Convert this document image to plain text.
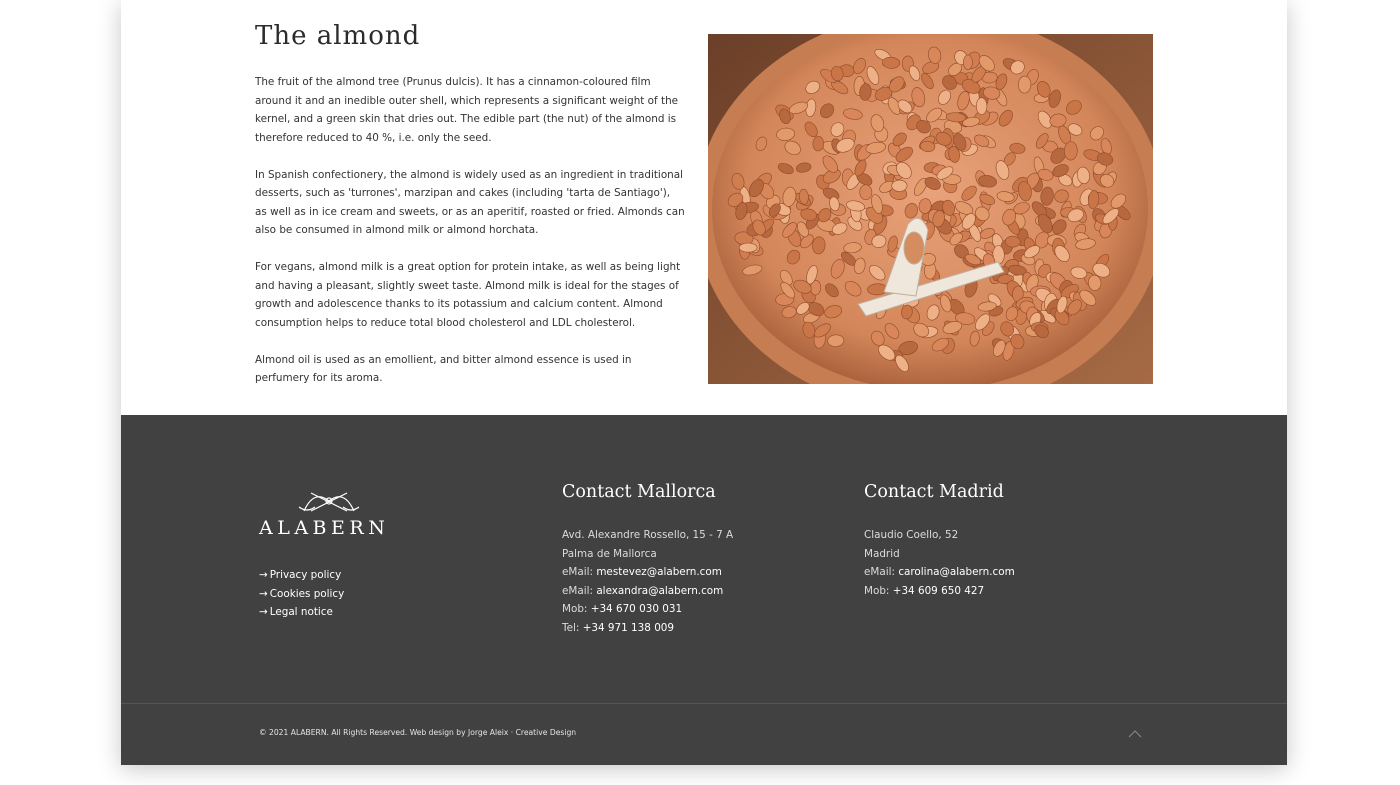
The almond

The fruit of the almond tree (Prunus dulcis). It has a cinnamon-coloured film around it and an inedible outer shell, which represents a significant weight of the kernel, and a green skin that dries out. The edible part (the nut) of the almond is therefore reduced to 40 %, i.e. only the seed.

In Spanish confectionery, the almond is widely used as an ingredient in traditional desserts, such as 'turrones', marzipan and cakes (including 'tarta de Santiago'), as well as in ice cream and sweets, or as an aperitif, roasted or fried. Almonds can also be consumed in almond milk or almond horchata.

For vegans, almond milk is a great option for protein intake, as well as being light and having a pleasant, slightly sweet taste. Almond milk is ideal for the stages of growth and adolescence thanks to its potassium and calcium content. Almond consumption helps to reduce total blood cholesterol and LDL cholesterol.

Almond oil is used as an emollient, and bitter almond essence is used in perfumery for its aroma.

ALABERN
→ Privacy policy
→ Cookies policy
→ Legal notice
Contact Mallorca
Avd. Alexandre Rossello, 15 - 7 A
Palma de Mallorca
eMail: mestevez@alabern.com
eMail: alexandra@alabern.com
Mob: +34 670 030 031
Tel: +34 971 138 009
Contact Madrid
Claudio Coello, 52
Madrid
eMail: carolina@alabern.com
Mob: +34 609 650 427
© 2021 ALABERN. All Rights Reserved. Web design by Jorge Aleix · Creative Design
